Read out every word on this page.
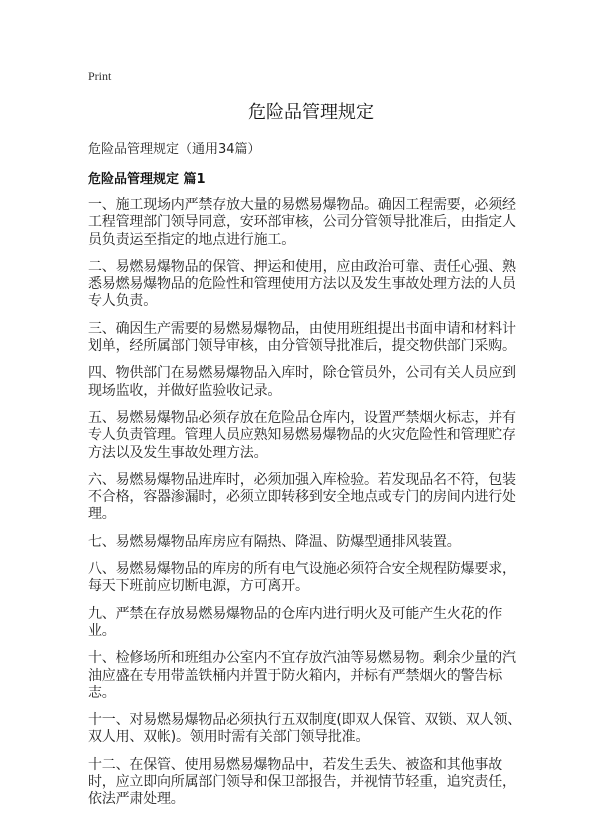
Print
危险品管理规定
危险品管理规定（通用34篇）
危险品管理规定 篇1

一、施工现场内严禁存放大量的易燃易爆物品。确因工程需要，必须经工程管理部门领导同意，安环部审核，公司分管领导批准后，由指定人员负责运至指定的地点进行施工。

二、易燃易爆物品的保管、押运和使用，应由政治可靠、责任心强、熟悉易燃易爆物品的危险性和管理使用方法以及发生事故处理方法的人员专人负责。

三、确因生产需要的易燃易爆物品，由使用班组提出书面申请和材料计划单，经所属部门领导审核，由分管领导批准后，提交物供部门采购。

四、物供部门在易燃易爆物品入库时，除仓管员外，公司有关人员应到现场监收，并做好监验收记录。

五、易燃易爆物品必须存放在危险品仓库内，设置严禁烟火标志，并有专人负责管理。管理人员应熟知易燃易爆物品的火灾危险性和管理贮存方法以及发生事故处理方法。

六、易燃易爆物品进库时，必须加强入库检验。若发现品名不符，包装不合格，容器渗漏时，必须立即转移到安全地点或专门的房间内进行处理。

七、易燃易爆物品库房应有隔热、降温、防爆型通排风装置。

八、易燃易爆物品的库房的所有电气设施必须符合安全规程防爆要求，每天下班前应切断电源，方可离开。

九、严禁在存放易燃易爆物品的仓库内进行明火及可能产生火花的作业。

十、检修场所和班组办公室内不宜存放汽油等易燃易物。剩余少量的汽油应盛在专用带盖铁桶内并置于防火箱内，并标有严禁烟火的警告标志。

十一、对易燃易爆物品必须执行五双制度(即双人保管、双锁、双人领、双人用、双帐)。领用时需有关部门领导批准。

十二、在保管、使用易燃易爆物品中，若发生丢失、被盗和其他事故时，应立即向所属部门领导和保卫部报告，并视情节轻重，追究责任，依法严肃处理。
